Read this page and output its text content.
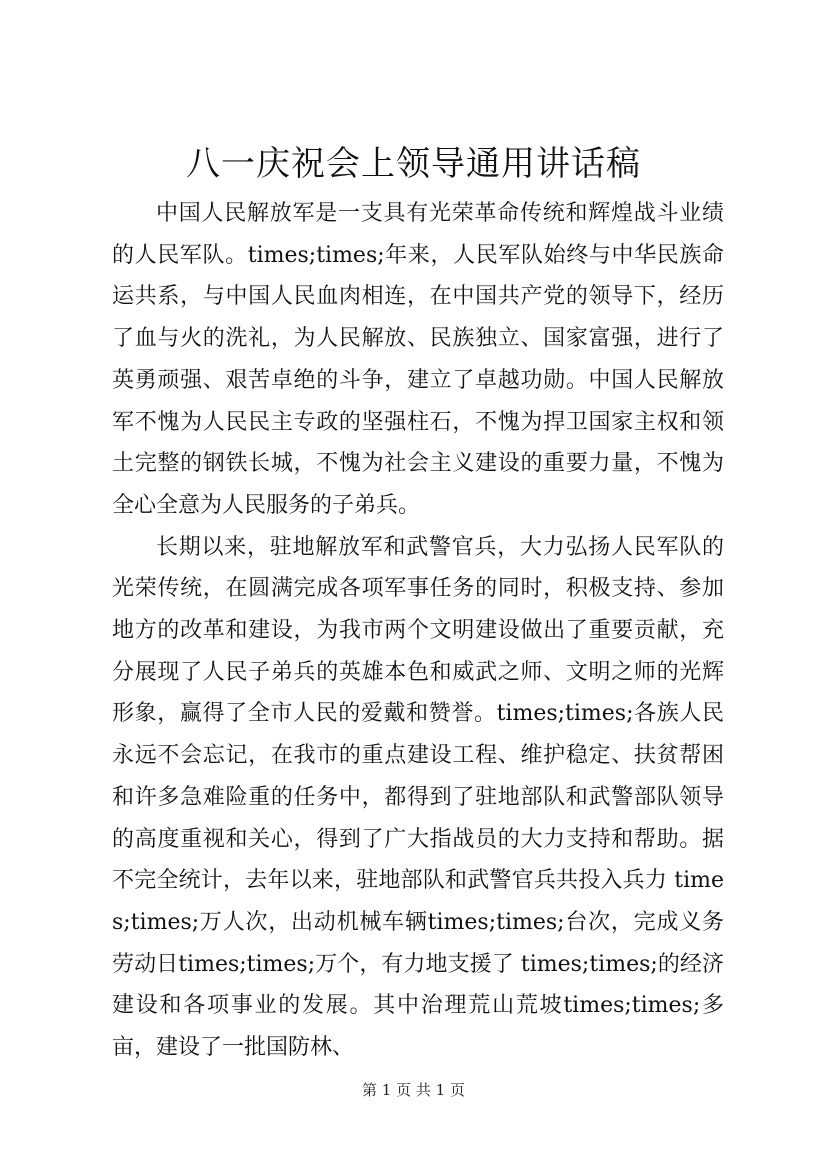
八一庆祝会上领导通用讲话稿

中国人民解放军是一支具有光荣革命传统和辉煌战斗业绩的人民军队。times;times;年来，人民军队始终与中华民族命运共系，与中国人民血肉相连，在中国共产党的领导下，经历了血与火的洗礼，为人民解放、民族独立、国家富强，进行了英勇顽强、艰苦卓绝的斗争，建立了卓越功勋。中国人民解放军不愧为人民民主专政的坚强柱石，不愧为捍卫国家主权和领土完整的钢铁长城，不愧为社会主义建设的重要力量，不愧为全心全意为人民服务的子弟兵。

长期以来，驻地解放军和武警官兵，大力弘扬人民军队的光荣传统，在圆满完成各项军事任务的同时，积极支持、参加地方的改革和建设，为我市两个文明建设做出了重要贡献，充分展现了人民子弟兵的英雄本色和威武之师、文明之师的光辉形象，赢得了全市人民的爱戴和赞誉。times;times;各族人民永远不会忘记，在我市的重点建设工程、维护稳定、扶贫帮困和许多急难险重的任务中，都得到了驻地部队和武警部队领导的高度重视和关心，得到了广大指战员的大力支持和帮助。据不完全统计，去年以来，驻地部队和武警官兵共投入兵力 times;times;万人次，出动机械车辆times;times;台次，完成义务劳动日times;times;万个，有力地支援了 times;times;的经济建设和各项事业的发展。其中治理荒山荒坡times;times;多亩，建设了一批国防林、

第 1 页 共 1 页
